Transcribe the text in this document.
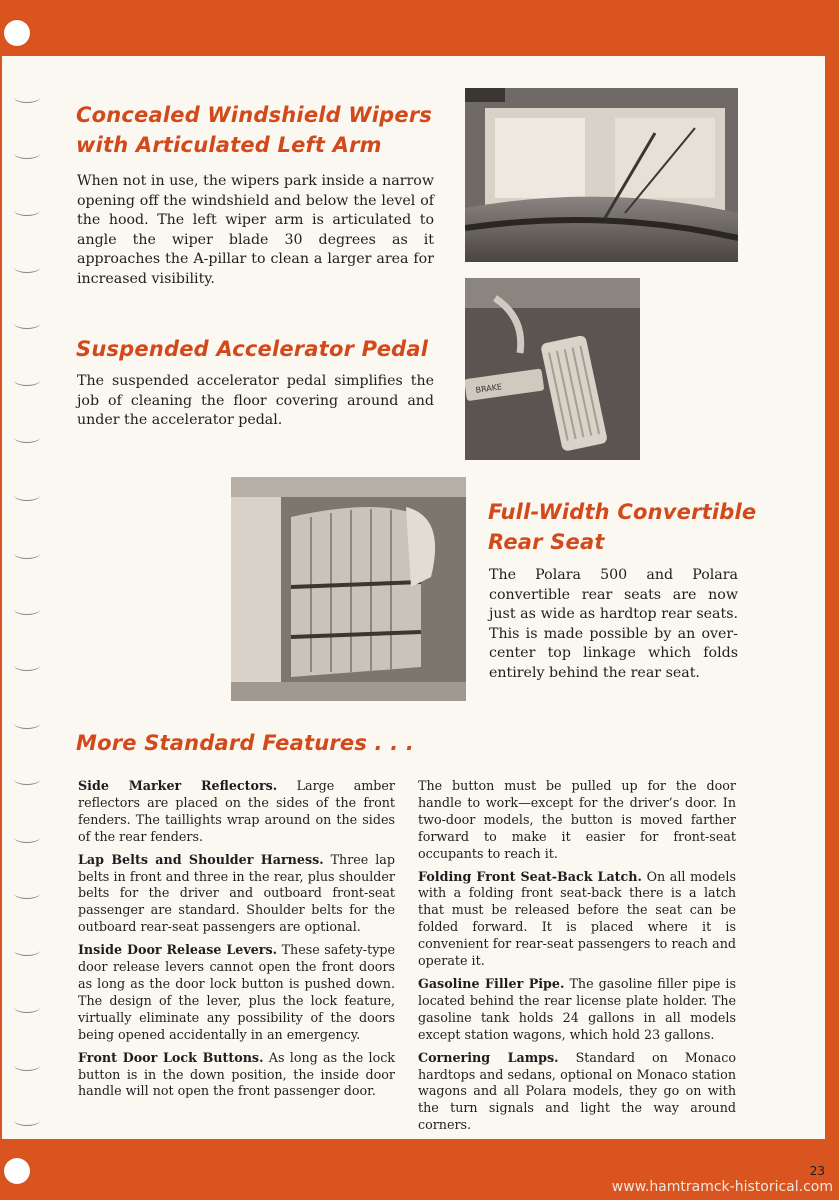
Concealed Windshield Wipers
with Articulated Left Arm
When not in use, the wipers park inside a narrow opening off the windshield and below the level of the hood. The left wiper arm is articulated to angle the wiper blade 30 degrees as it approaches the A-pillar to clean a larger area for increased visibility.
Suspended Accelerator Pedal
The suspended accelerator pedal simplifies the job of cleaning the floor covering around and under the accelerator pedal.
BRAKE
Full-Width Convertible
Rear Seat
The Polara 500 and Polara convertible rear seats are now just as wide as hardtop rear seats. This is made possible by an over-center top linkage which folds entirely behind the rear seat.
More Standard Features . . .

Side Marker Reflectors. Large amber reflectors are placed on the sides of the front fenders. The taillights wrap around on the sides of the rear fenders.

Lap Belts and Shoulder Harness. Three lap belts in front and three in the rear, plus shoulder belts for the driver and outboard front-seat passenger are standard. Shoulder belts for the outboard rear-seat passengers are optional.

Inside Door Release Levers. These safety-type door release levers cannot open the front doors as long as the door lock button is pushed down. The design of the lever, plus the lock feature, virtually eliminate any possibility of the doors being opened accidentally in an emergency.

Front Door Lock Buttons. As long as the lock button is in the down position, the inside door handle will not open the front passenger door.

The button must be pulled up for the door handle to work—except for the driver’s door. In two-door models, the button is moved farther forward to make it easier for front-seat occupants to reach it.

Folding Front Seat-Back Latch. On all models with a folding front seat-back there is a latch that must be released before the seat can be folded forward. It is placed where it is convenient for rear-seat passengers to reach and operate it.

Gasoline Filler Pipe. The gasoline filler pipe is located behind the rear license plate holder. The gasoline tank holds 24 gallons in all models except station wagons, which hold 23 gallons.

Cornering Lamps. Standard on Monaco hardtops and sedans, optional on Monaco station wagons and all Polara models, they go on with the turn signals and light the way around corners.

23
www.hamtramck-historical.com
